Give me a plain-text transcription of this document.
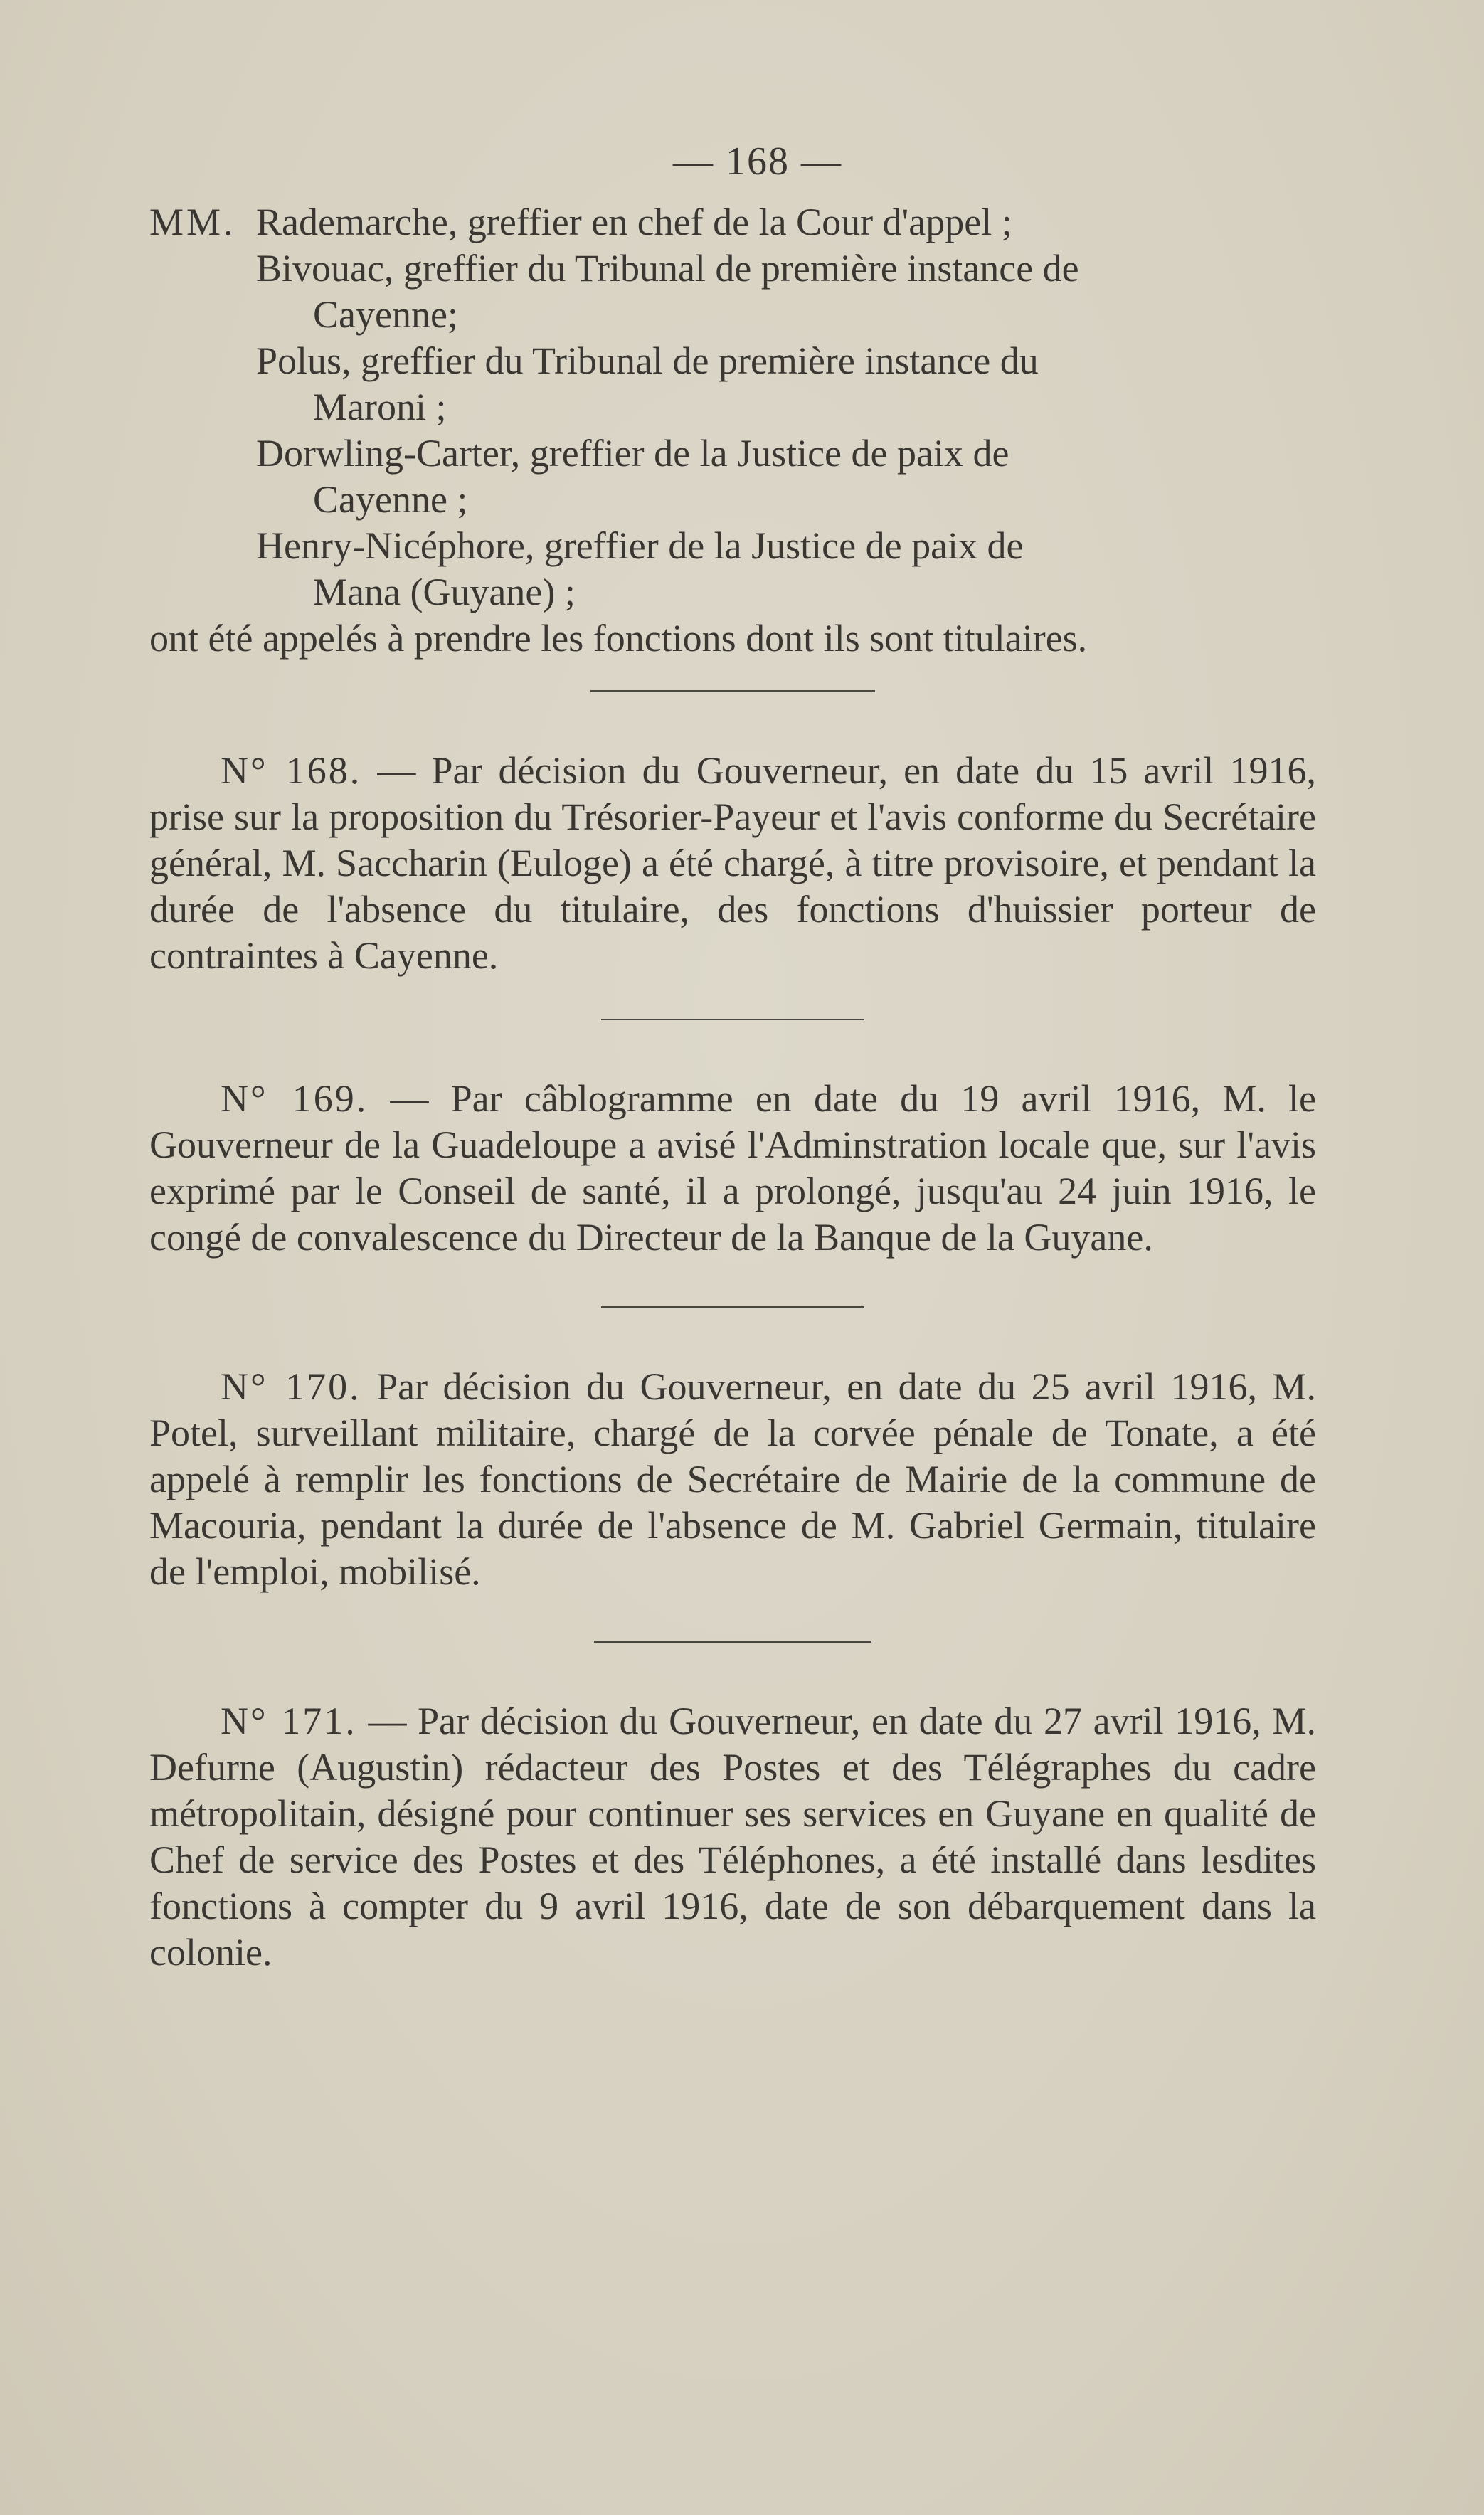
— 168 —
MM. Rademarche, greffier en chef de la Cour d'appel ;
Bivouac, greffier du Tribunal de première instance de
Cayenne;
Polus, greffier du Tribunal de première instance du
Maroni ;
Dorwling-Carter, greffier de la Justice de paix de
Cayenne ;
Henry-Nicéphore, greffier de la Justice de paix de
Mana (Guyane) ;
ont été appelés à prendre les fonctions dont ils sont titulaires.

N° 168. — Par décision du Gouverneur, en date du 15 avril 1916, prise sur la proposition du Trésorier-Payeur et l'avis conforme du Secrétaire général, M. Saccharin (Euloge) a été chargé, à titre provisoire, et pendant la durée de l'absence du titulaire, des fonctions d'huissier porteur de contraintes à Cayenne.

N° 169. — Par câblogramme en date du 19 avril 1916, M. le Gouverneur de la Guadeloupe a avisé l'Adminstration locale que, sur l'avis exprimé par le Conseil de santé, il a prolongé, jusqu'au 24 juin 1916, le congé de convalescence du Directeur de la Banque de la Guyane.

N° 170. Par décision du Gouverneur, en date du 25 avril 1916, M. Potel, surveillant militaire, chargé de la corvée pénale de Tonate, a été appelé à remplir les fonctions de Secrétaire de Mairie de la commune de Macouria, pendant la durée de l'absence de M. Gabriel Germain, titulaire de l'emploi, mobilisé.

N° 171. — Par décision du Gouverneur, en date du 27 avril 1916, M. Defurne (Augustin) rédacteur des Postes et des Télégraphes du cadre métropolitain, désigné pour continuer ses services en Guyane en qualité de Chef de service des Postes et des Téléphones, a été installé dans lesdites fonctions à compter du 9 avril 1916, date de son débarquement dans la colonie.
